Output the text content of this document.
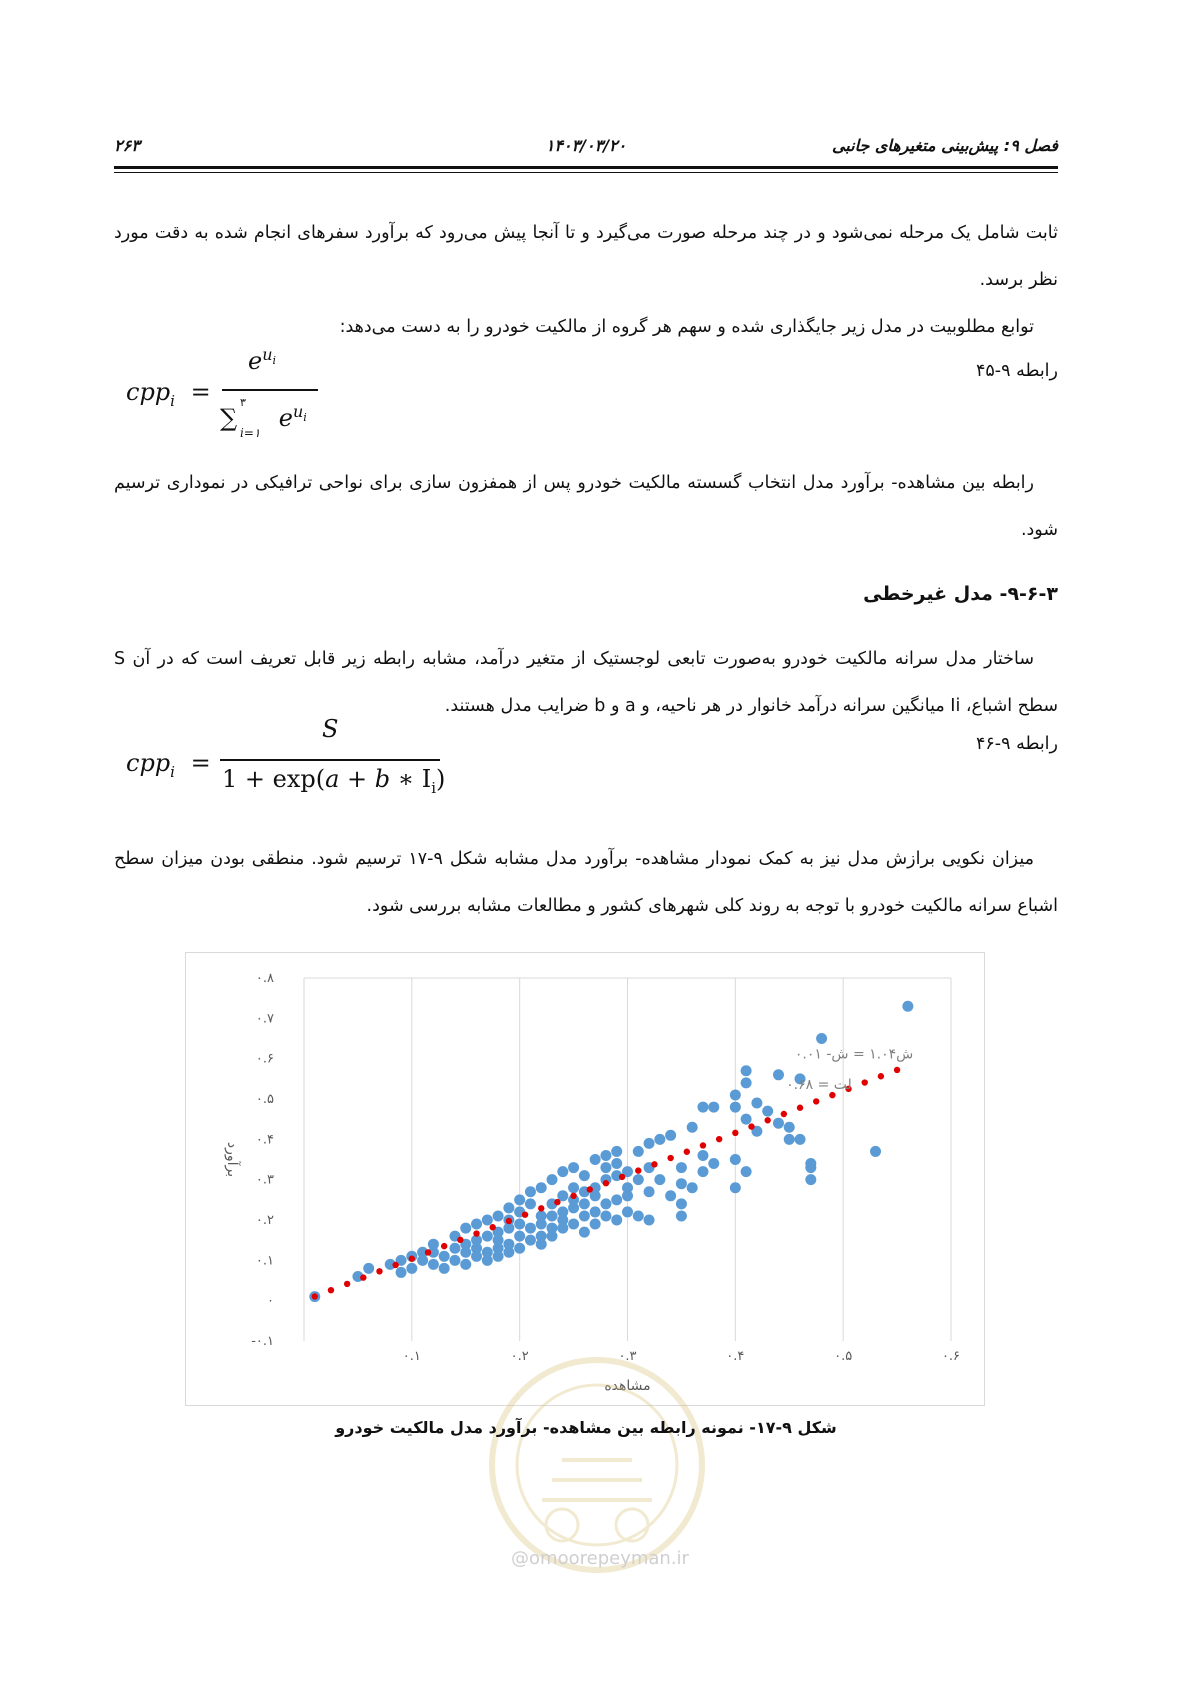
فصل ۹: پیش‌بینی متغیرهای جانبی
۱۴۰۳/۰۳/۲۰
۲۶۳
ثابت شامل یک مرحله نمی‌شود و در چند مرحله صورت می‌گیرد و تا آنجا پیش می‌رود که برآورد سفرهای انجام شده به دقت مورد نظر برسد.
توابع مطلوبیت در مدل زیر جایگذاری شده و سهم هر گروه از مالکیت خودرو را به دست می‌دهد:
رابطه ۹-۴۵
cpp$_i$ =
$e^{u_i}$
∑
۳
i=۱
$e^{u_i}$
رابطه بین مشاهده- برآورد مدل انتخاب گسسته مالکیت خودرو پس از همفزون سازی برای نواحی ترافیکی در نموداری ترسیم شود.
۹-۶-۳- مدل غیرخطی
ساختار مدل سرانه مالکیت خودرو به‌صورت تابعی لوجستیک از متغیر درآمد، مشابه رابطه زیر قابل تعریف است که در آن S سطح اشباع، Ii میانگین سرانه درآمد خانوار در هر ناحیه، و a و b ضرایب مدل هستند.
رابطه ۹-۴۶
cpp$_i$ =
S
1 + exp(a + b ∗ $I_i$)
میزان نکویی برازش مدل نیز به کمک نمودار مشاهده- برآورد مدل مشابه شکل ۹-۱۷ ترسیم شود. منطقی بودن میزان سطح اشباع سرانه مالکیت خودرو با توجه به روند کلی شهرهای کشور و مطالعات مشابه بررسی شود.
۰.۱	۰.۲	۰.۳	۰.۴	۰.۵	۰.۶
-۰.۱
۰
۰.۱
۰.۲
۰.۳
۰.۴
۰.۵
۰.۶
۰.۷
۰.۸
مشاهده
برآورد
۰.۰۱ -ش۱.۰۴ = ش
۰.۶۸ = لت
@omoorepeyman.ir
شکل ۹-۱۷- نمونه رابطه بین مشاهده- برآورد مدل مالکیت خودرو
